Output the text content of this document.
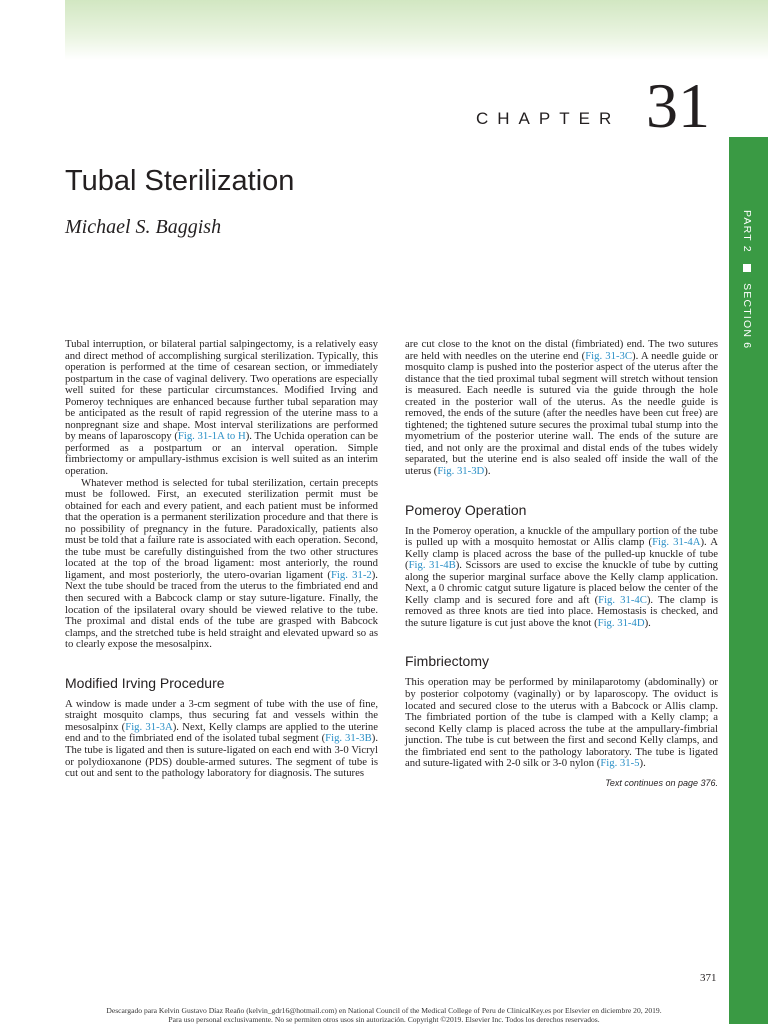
CHAPTER 31
PART 2  SECTION 6
Tubal Sterilization
Michael S. Baggish

Tubal interruption, or bilateral partial salpingectomy, is a relatively easy and direct method of accomplishing surgical sterilization. Typically, this operation is performed at the time of cesarean section, or immediately postpartum in the case of vaginal delivery. Two operations are especially well suited for these particular circumstances. Modified Irving and Pomeroy techniques are enhanced because further tubal separation may be anticipated as the result of rapid regression of the uterine mass to a nonpregnant size and shape. Most interval sterilizations are performed by means of laparoscopy (Fig. 31-1A to H). The Uchida operation can be performed as a postpartum or an interval operation. Simple fimbriectomy or ampullary-isthmus excision is well suited as an interim operation.

Whatever method is selected for tubal sterilization, certain precepts must be followed. First, an executed sterilization permit must be obtained for each and every patient, and each patient must be informed that the operation is a permanent sterilization procedure and that there is no possibility of pregnancy in the future. Paradoxically, patients also must be told that a failure rate is associated with each operation. Second, the tube must be carefully distinguished from the two other structures located at the top of the broad ligament: most anteriorly, the round ligament, and most posteriorly, the utero-ovarian ligament (Fig. 31-2). Next the tube should be traced from the uterus to the fimbriated end and then secured with a Babcock clamp or stay suture-ligature. Finally, the location of the ipsilateral ovary should be viewed relative to the tube. The proximal and distal ends of the tube are grasped with Babcock clamps, and the stretched tube is held straight and elevated upward so as to clearly expose the mesosalpinx.

Modified Irving Procedure

A window is made under a 3-cm segment of tube with the use of fine, straight mosquito clamps, thus securing fat and vessels within the mesosalpinx (Fig. 31-3A). Next, Kelly clamps are applied to the uterine end and to the fimbriated end of the isolated tubal segment (Fig. 31-3B). The tube is ligated and then is suture-ligated on each end with 3-0 Vicryl or polydioxanone (PDS) double-armed sutures. The segment of tube is cut out and sent to the pathology laboratory for diagnosis. The sutures

are cut close to the knot on the distal (fimbriated) end. The two sutures are held with needles on the uterine end (Fig. 31-3C). A needle guide or mosquito clamp is pushed into the posterior aspect of the uterus after the distance that the tied proximal tubal segment will stretch without tension is measured. Each needle is sutured via the guide through the hole created in the posterior wall of the uterus. As the needle guide is removed, the ends of the suture (after the needles have been cut free) are tightened; the tightened suture secures the proximal tubal stump into the myometrium of the posterior uterine wall. The ends of the suture are tied, and not only are the proximal and distal ends of the tubes widely separated, but the uterine end is also sealed off inside the wall of the uterus (Fig. 31-3D).

Pomeroy Operation

In the Pomeroy operation, a knuckle of the ampullary portion of the tube is pulled up with a mosquito hemostat or Allis clamp (Fig. 31-4A). A Kelly clamp is placed across the base of the pulled-up knuckle of tube (Fig. 31-4B). Scissors are used to excise the knuckle of tube by cutting along the superior marginal surface above the Kelly clamp application. Next, a 0 chromic catgut suture ligature is placed below the center of the Kelly clamp and is secured fore and aft (Fig. 31-4C). The clamp is removed as three knots are tied into place. Hemostasis is checked, and the suture ligature is cut just above the knot (Fig. 31-4D).

Fimbriectomy

This operation may be performed by minilaparotomy (abdominally) or by posterior colpotomy (vaginally) or by laparoscopy. The oviduct is located and secured close to the uterus with a Babcock or Allis clamp. The fimbriated portion of the tube is clamped with a Kelly clamp; a second Kelly clamp is placed across the tube at the ampullary-fimbrial junction. The tube is cut between the first and second Kelly clamps, and the fimbriated end sent to the pathology laboratory. The tube is ligated and suture-ligated with 2-0 silk or 3-0 nylon (Fig. 31-5).

Text continues on page 376.
371
Descargado para Kelvin Gustavo Díaz Reaño (kelvin_gdr16@hotmail.com) en National Council of the Medical College of Peru de ClinicalKey.es por Elsevier en diciembre 20, 2019.
Para uso personal exclusivamente. No se permiten otros usos sin autorización. Copyright ©2019. Elsevier Inc. Todos los derechos reservados.
